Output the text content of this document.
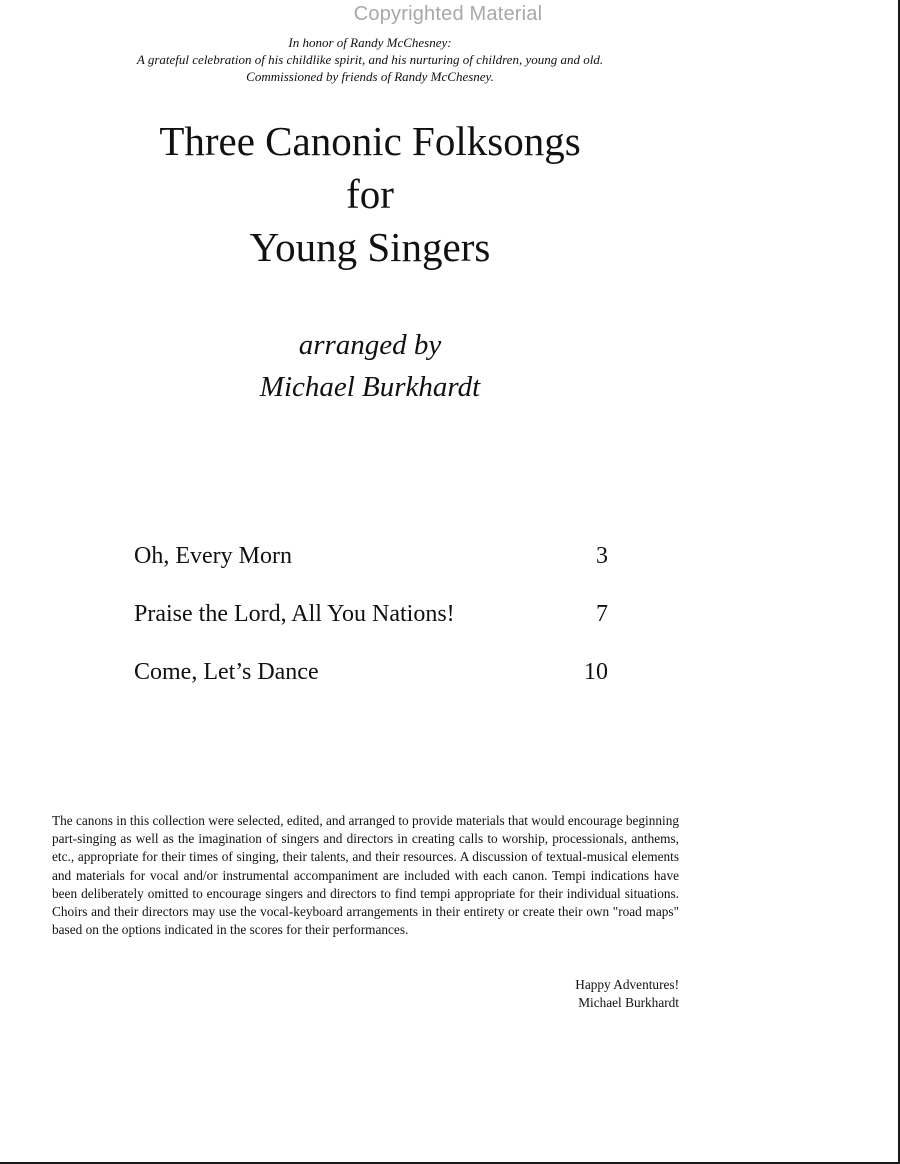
Copyrighted Material
In honor of Randy McChesney:
A grateful celebration of his childlike spirit, and his nurturing of children, young and old.
Commissioned by friends of Randy McChesney.
Three Canonic Folksongs
for
Young Singers
arranged by
Michael Burkhardt
Oh, Every Morn	3
Praise the Lord, All You Nations!	7
Come, Let’s Dance	10

The canons in this collection were selected, edited, and arranged to provide materials that would encourage beginning part-singing as well as the imagination of singers and directors in creating calls to worship, processionals, anthems, etc., appropriate for their times of singing, their talents, and their resources. A discussion of textual-musical elements and materials for vocal and/or instrumental accompaniment are included with each canon. Tempi indications have been deliberately omitted to encourage singers and directors to find tempi appropriate for their individual situations. Choirs and their directors may use the vocal-keyboard arrangements in their entirety or create their own "road maps" based on the options indicated in the scores for their performances.

Happy Adventures!
Michael Burkhardt
